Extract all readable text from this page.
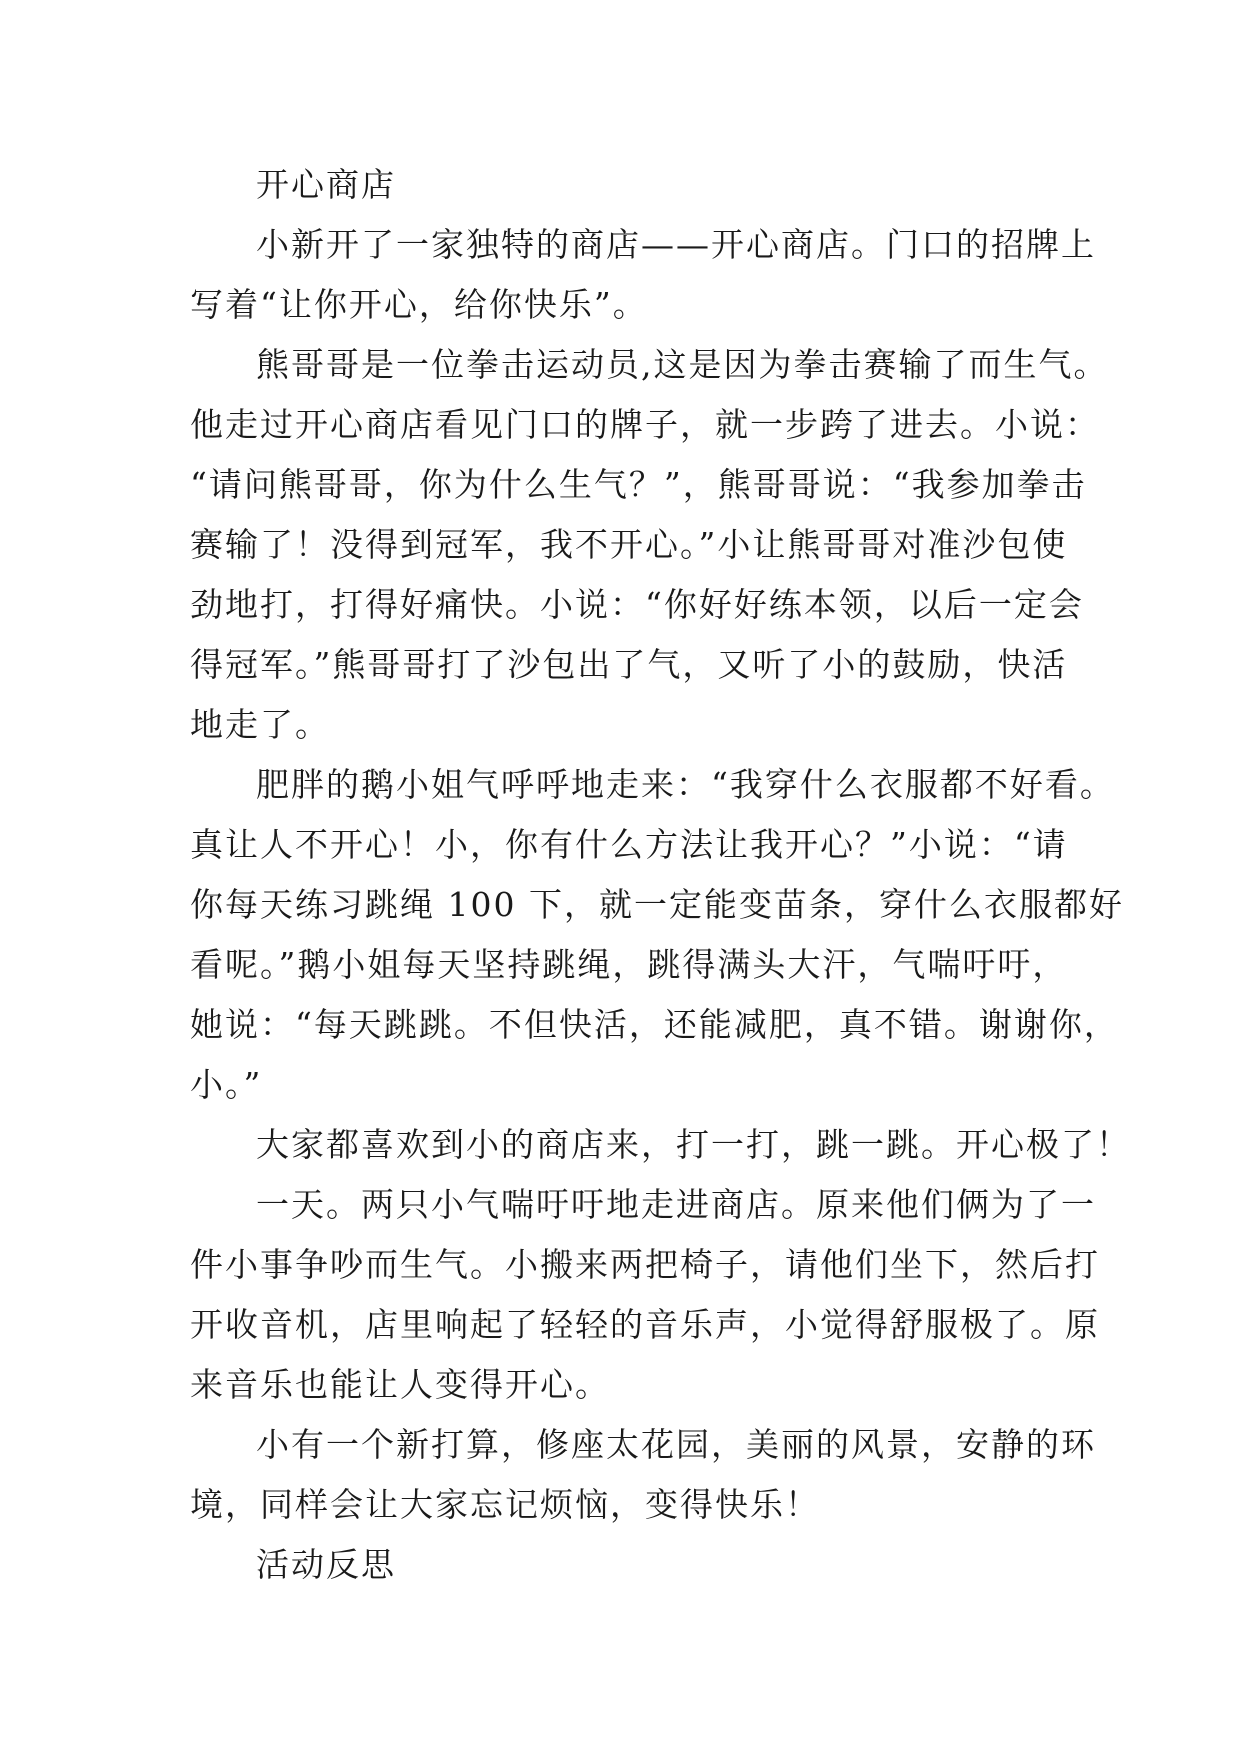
开心商店
小新开了一家独特的商店——开心商店。门口的招牌上
写着“让你开心，给你快乐”。
熊哥哥是一位拳击运动员,这是因为拳击赛输了而生气。
他走过开心商店看见门口的牌子，就一步跨了进去。小说：
“请问熊哥哥，你为什么生气？”，熊哥哥说：“我参加拳击
赛输了！没得到冠军，我不开心。”小让熊哥哥对准沙包使
劲地打，打得好痛快。小说：“你好好练本领，以后一定会
得冠军。”熊哥哥打了沙包出了气，又听了小的鼓励，快活
地走了。
肥胖的鹅小姐气呼呼地走来：“我穿什么衣服都不好看。
真让人不开心！小，你有什么方法让我开心？”小说：“请
你每天练习跳绳 100 下，就一定能变苗条，穿什么衣服都好
看呢。”鹅小姐每天坚持跳绳，跳得满头大汗，气喘吁吁，
她说：“每天跳跳。不但快活，还能减肥，真不错。谢谢你，
小。”
大家都喜欢到小的商店来，打一打，跳一跳。开心极了！
一天。两只小气喘吁吁地走进商店。原来他们俩为了一
件小事争吵而生气。小搬来两把椅子，请他们坐下，然后打
开收音机，店里响起了轻轻的音乐声，小觉得舒服极了。原
来音乐也能让人变得开心。
小有一个新打算，修座太花园，美丽的风景，安静的环
境，同样会让大家忘记烦恼，变得快乐！
活动反思
